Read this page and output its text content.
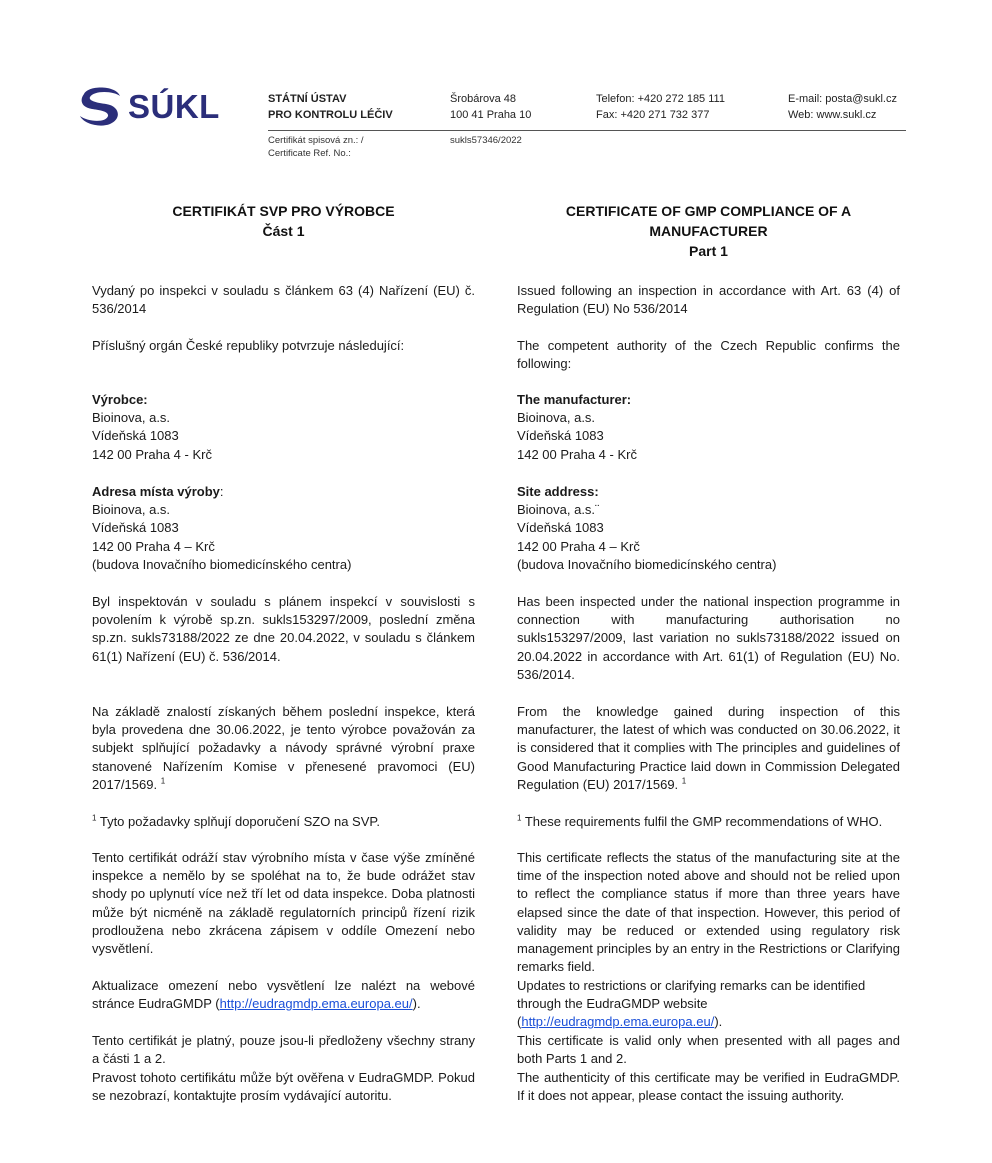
SÚKL	STÁTNÍ ÚSTAV
PRO KONTROLU LÉČIV
Šrobárova 48
100 41 Praha 10
Telefon: +420 272 185 111
Fax: +420 271 732 377
E-mail: posta@sukl.cz
Web: www.sukl.cz
Certifikát spisová zn.: /
Certificate Ref. No.:
sukls57346/2022
CERTIFIKÁT SVP PRO VÝROBCE
Část 1
CERTIFICATE OF GMP COMPLIANCE OF A
MANUFACTURER
Part 1

Vydaný po inspekci v souladu s článkem 63 (4) Nařízení (EU) č. 536/2014

Příslušný orgán České republiky potvrzuje následující:

Výrobce:
Bioinova, a.s.
Vídeňská 1083
142 00 Praha 4 - Krč
Adresa místa výroby:
Bioinova, a.s.
Vídeňská 1083
142 00 Praha 4 – Krč
(budova Inovačního biomedicínského centra)

Byl inspektován v souladu s plánem inspekcí v souvislosti s povolením k výrobě sp.zn. sukls153297/2009, poslední změna sp.zn. sukls73188/2022 ze dne 20.04.2022, v souladu s článkem 61(1) Nařízení (EU) č. 536/2014.

Na základě znalostí získaných během poslední inspekce, která byla provedena dne 30.06.2022, je tento výrobce považován za subjekt splňující požadavky a návody správné výrobní praxe stanovené Nařízením Komise v přenesené pravomoci (EU) 2017/1569. $^1$

$^1$ Tyto požadavky splňují doporučení SZO na SVP.

Tento certifikát odráží stav výrobního místa v čase výše zmíněné inspekce a nemělo by se spoléhat na to, že bude odrážet stav shody po uplynutí více než tří let od data inspekce. Doba platnosti může být nicméně na základě regulatorních principů řízení rizik prodloužena nebo zkrácena zápisem v oddíle Omezení nebo vysvětlení.

Aktualizace omezení nebo vysvětlení lze nalézt na webové stránce EudraGMDP (http://eudragmdp.ema.europa.eu/).

Tento certifikát je platný, pouze jsou-li předloženy všechny strany a části 1 a 2.

Pravost tohoto certifikátu může být ověřena v EudraGMDP. Pokud se nezobrazí, kontaktujte prosím vydávající autoritu.

Issued following an inspection in accordance with Art. 63 (4) of Regulation (EU) No 536/2014

The competent authority of the Czech Republic confirms the following:

The manufacturer:
Bioinova, a.s.
Vídeňská 1083
142 00 Praha 4 - Krč
Site address:
Bioinova, a.s.¨
Vídeňská 1083
142 00 Praha 4 – Krč
(budova Inovačního biomedicínského centra)

Has been inspected under the national inspection programme in connection with manufacturing authorisation no sukls153297/2009, last variation no sukls73188/2022 issued on 20.04.2022 in accordance with Art. 61(1) of Regulation (EU) No. 536/2014.

From the knowledge gained during inspection of this manufacturer, the latest of which was conducted on 30.06.2022, it is considered that it complies with The principles and guidelines of Good Manufacturing Practice laid down in Commission Delegated Regulation (EU) 2017/1569. $^1$

$^1$ These requirements fulfil the GMP recommendations of WHO.

This certificate reflects the status of the manufacturing site at the time of the inspection noted above and should not be relied upon to reflect the compliance status if more than three years have elapsed since the date of that inspection. However, this period of validity may be reduced or extended using regulatory risk management principles by an entry in the Restrictions or Clarifying remarks field.

Updates to restrictions or clarifying remarks can be identified through the EudraGMDP website
(http://eudragmdp.ema.europa.eu/).

This certificate is valid only when presented with all pages and both Parts 1 and 2.

The authenticity of this certificate may be verified in EudraGMDP. If it does not appear, please contact the issuing authority.
